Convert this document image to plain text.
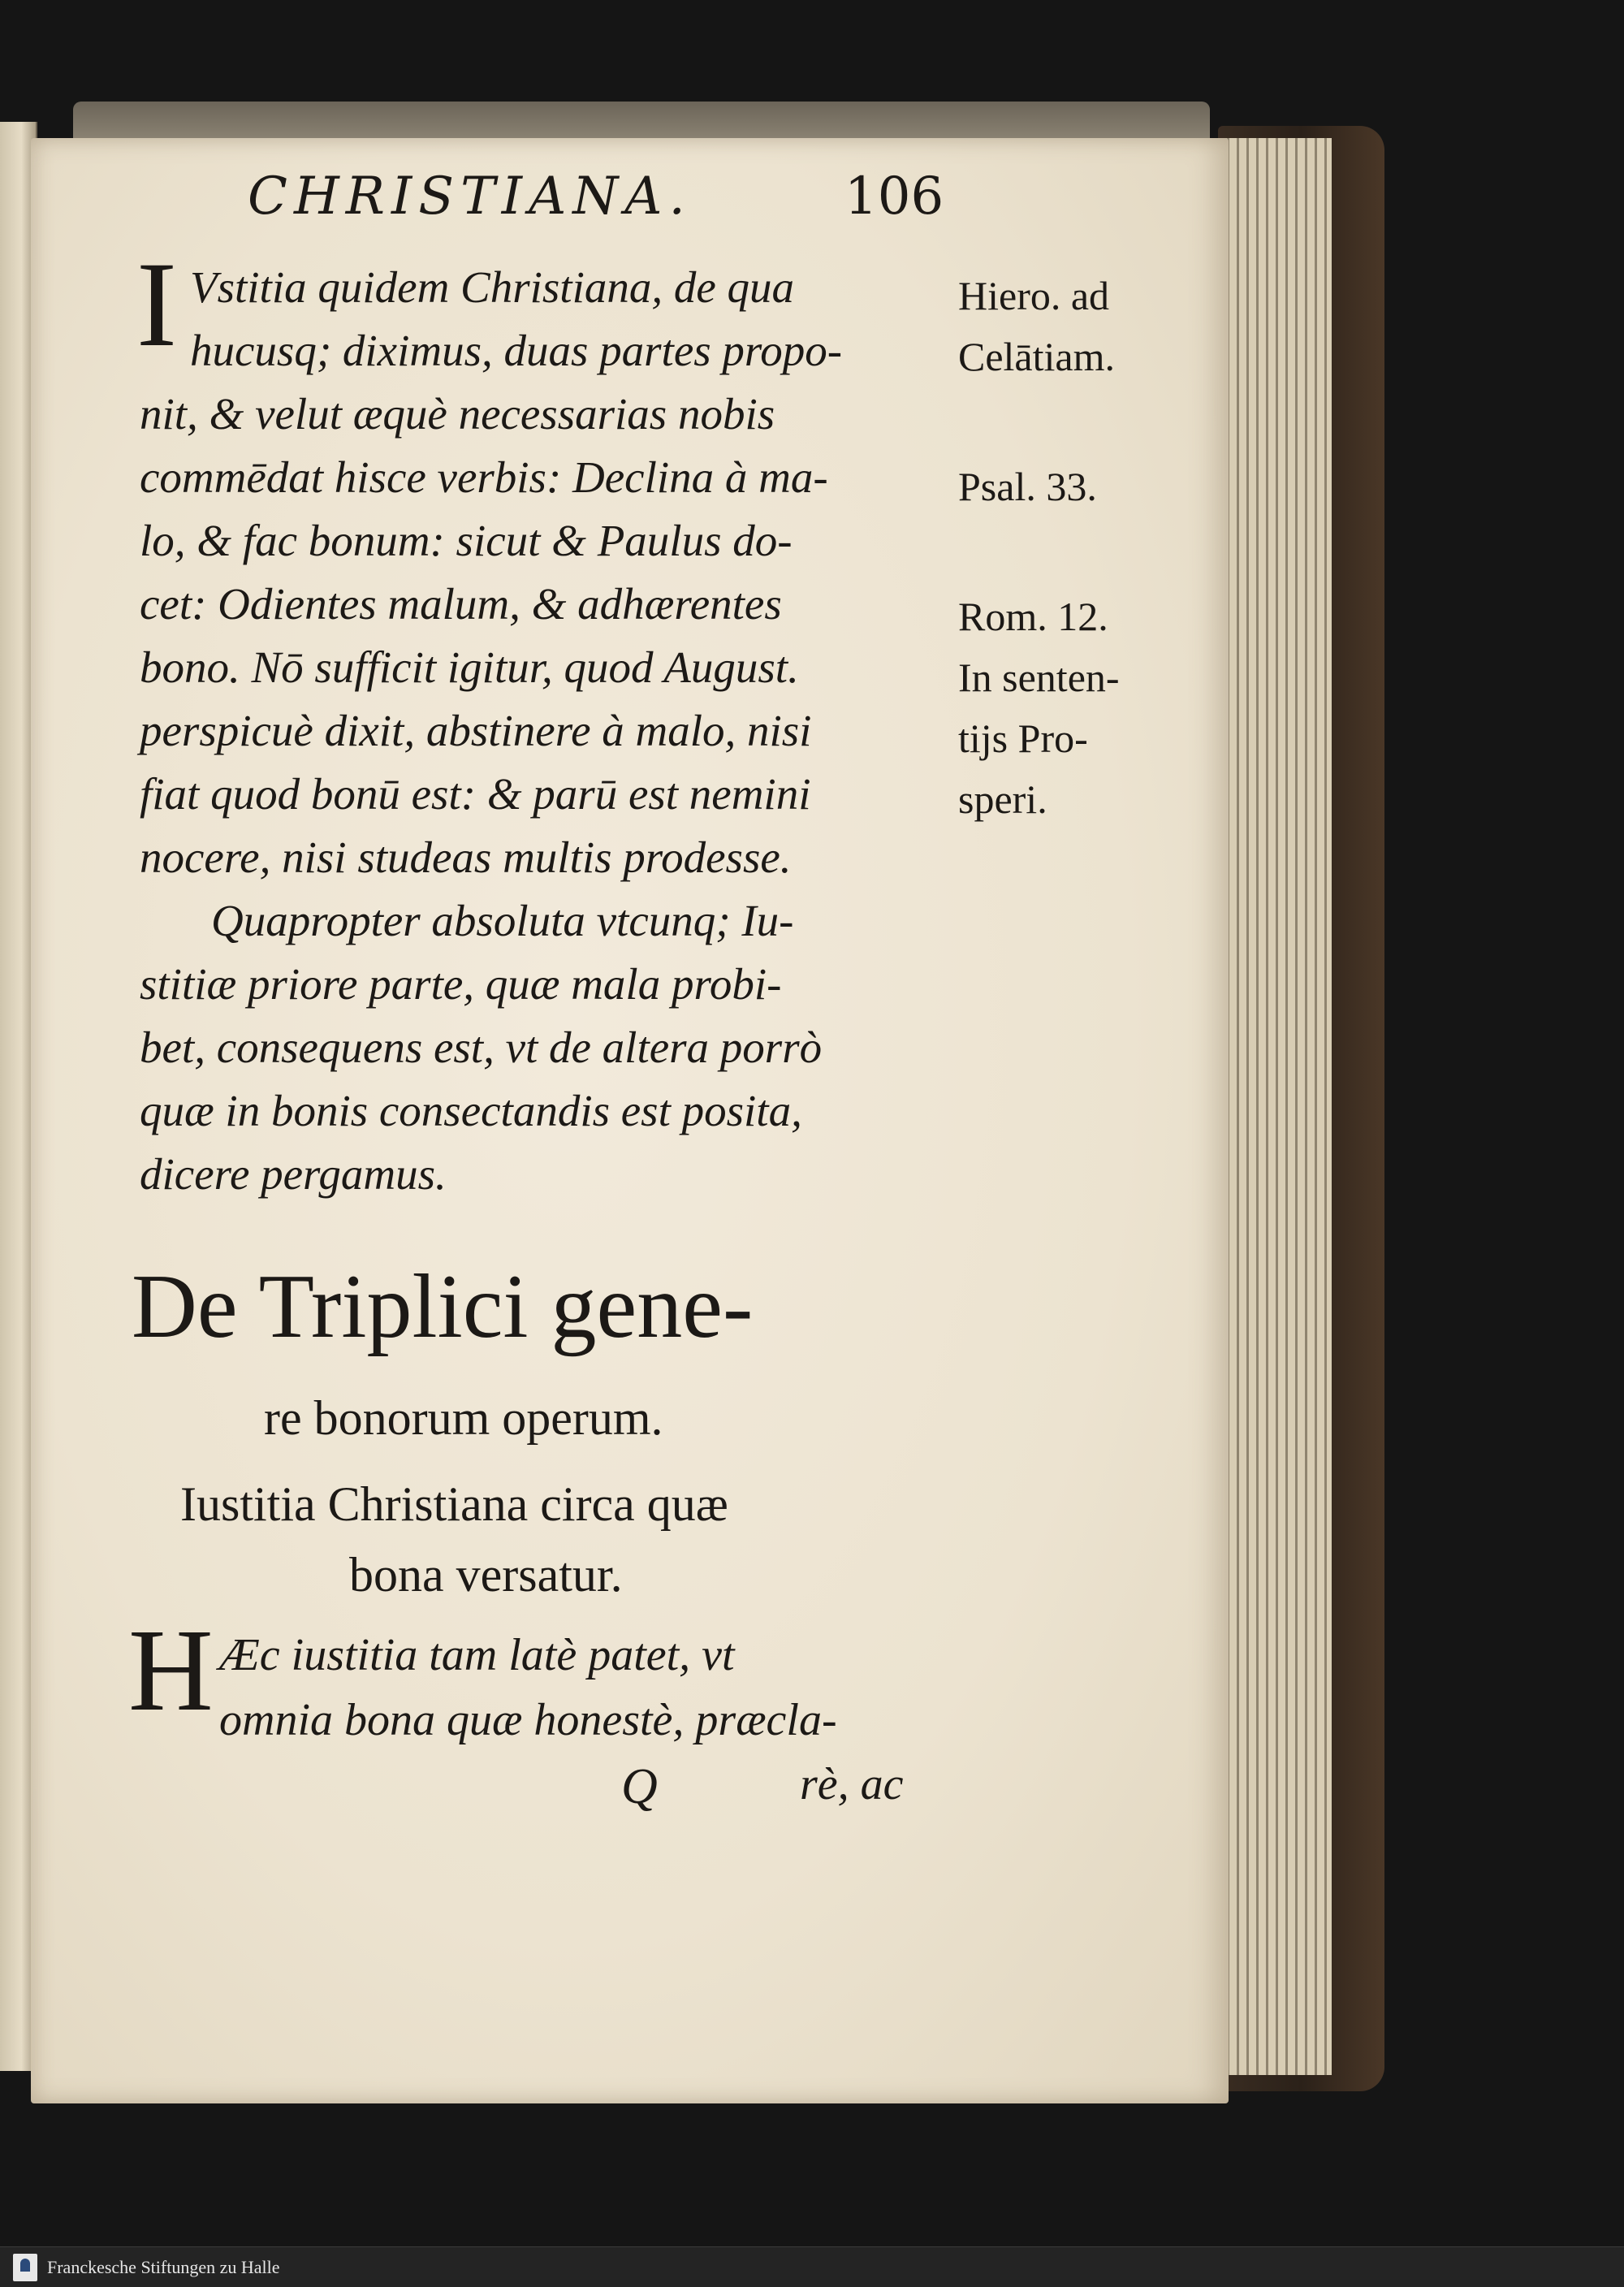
CHRISTIANA.	106
I Vstitia quidem Christiana, de qua
hucusq; diximus, duas partes propo-
nit, & velut æquè necessarias nobis
commēdat hisce verbis: Declina à ma-
lo, & fac bonum: sicut & Paulus do-
cet: Odientes malum, & adhærentes
bono. Nō sufficit igitur, quod August.
perspicuè dixit, abstinere à malo, nisi
fiat quod bonū est: & parū est nemini
nocere, nisi studeas multis prodesse.
Quapropter absoluta vtcunq; Iu-
stitiæ priore parte, quæ mala probi-
bet, consequens est, vt de altera porrò
quæ in bonis consectandis est posita,
dicere pergamus.
Hiero. ad
Celātiam.
Psal. 33.
Rom. 12.
In senten-
tijs Pro-
speri.
De Triplici gene-
re bonorum operum.
Iustitia Christiana circa quæ
bona versatur.
H Æc iustitia tam latè patet, vt
omnia bona quæ honestè, præcla-
Q	rè, ac
Franckesche Stiftungen zu Halle
